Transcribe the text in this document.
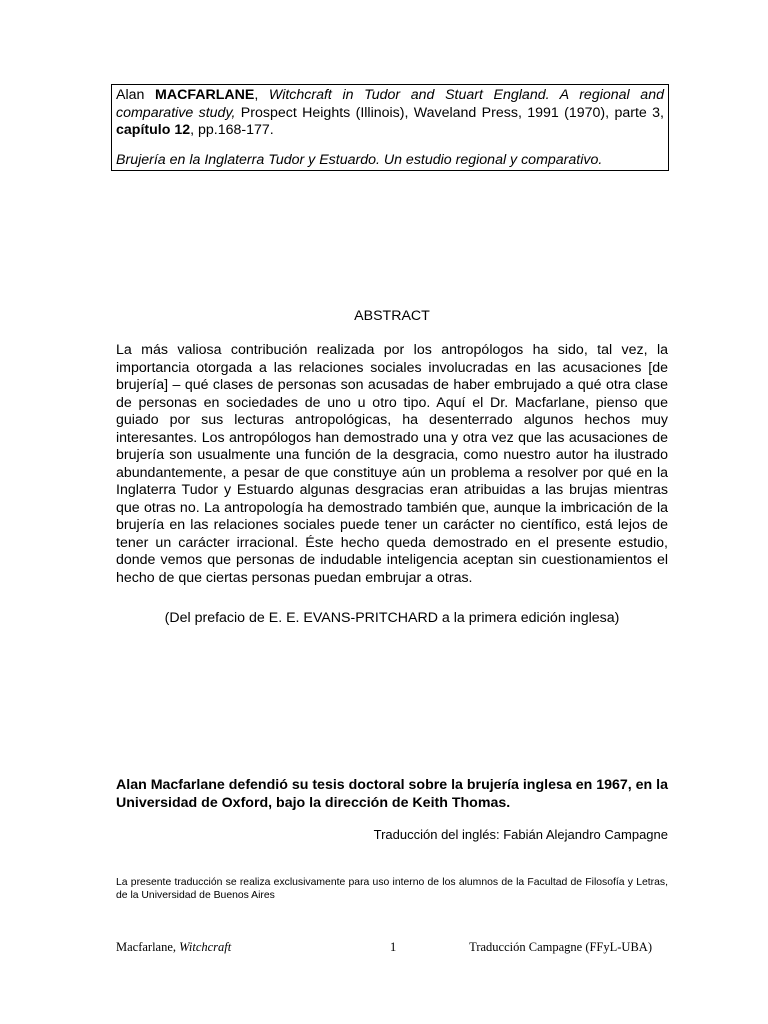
Alan MACFARLANE, Witchcraft in Tudor and Stuart England. A regional and comparative study, Prospect Heights (Illinois), Waveland Press, 1991 (1970), parte 3, capítulo 12, pp.168-177.

Brujería en la Inglaterra Tudor y Estuardo. Un estudio regional y comparativo.

ABSTRACT

La más valiosa contribución realizada por los antropólogos ha sido, tal vez, la importancia otorgada a las relaciones sociales involucradas en las acusaciones [de brujería] – qué clases de personas son acusadas de haber embrujado a qué otra clase de personas en sociedades de uno u otro tipo. Aquí el Dr. Macfarlane, pienso que guiado por sus lecturas antropológicas, ha desenterrado algunos hechos muy interesantes. Los antropólogos han demostrado una y otra vez que las acusaciones de brujería son usualmente una función de la desgracia, como nuestro autor ha ilustrado abundantemente, a pesar de que constituye aún un problema a resolver por qué en la Inglaterra Tudor y Estuardo algunas desgracias eran atribuidas a las brujas mientras que otras no. La antropología ha demostrado también que, aunque la imbricación de la brujería en las relaciones sociales puede tener un carácter no científico, está lejos de tener un carácter irracional. Éste hecho queda demostrado en el presente estudio, donde vemos que personas de indudable inteligencia aceptan sin cuestionamientos el hecho de que ciertas personas puedan embrujar a otras.

(Del prefacio de E. E. EVANS-PRITCHARD a la primera edición inglesa)

Alan Macfarlane defendió su tesis doctoral sobre la brujería inglesa en 1967, en la Universidad de Oxford, bajo la dirección de Keith Thomas.

Traducción del inglés: Fabián Alejandro Campagne

La presente traducción se realiza exclusivamente para uso interno de los alumnos de la Facultad de Filosofía y Letras, de la Universidad de Buenos Aires

Macfarlane, Witchcraft	1	Traducción Campagne (FFyL-UBA)
